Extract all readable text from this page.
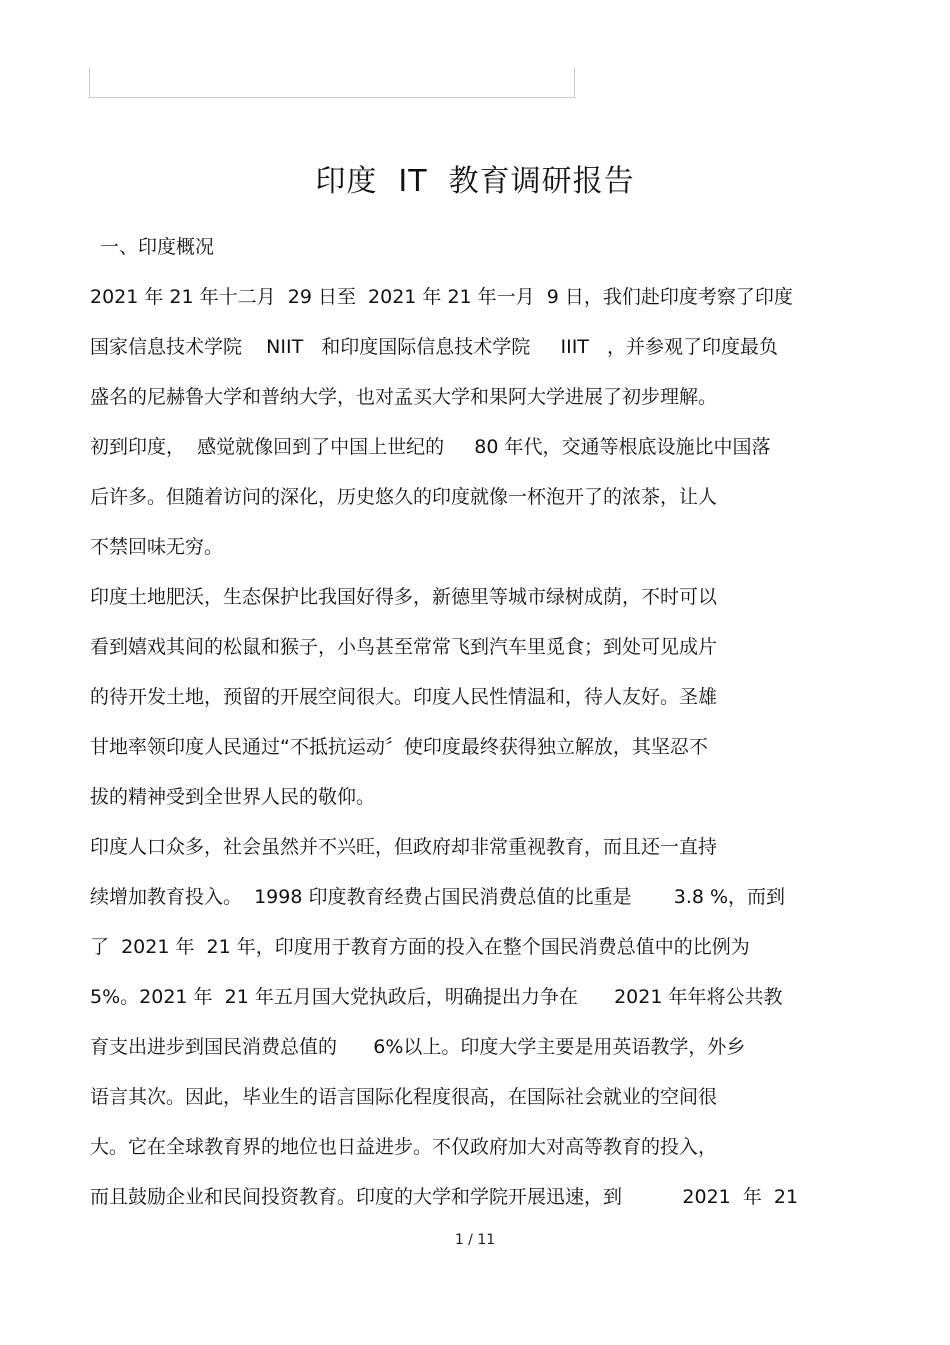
印度  IT  教育调研报告
一、印度概况
2021 年 21 年十二月  29 日至  2021 年 21 年一月  9 日，我们赴印度考察了印度
国家信息技术学院    NIIT   和印度国际信息技术学院     IIIT   ，并参观了印度最负
盛名的尼赫鲁大学和普纳大学，也对孟买大学和果阿大学进展了初步理解。
初到印度，  感觉就像回到了中国上世纪的     80 年代，交通等根底设施比中国落
后许多。但随着访问的深化，历史悠久的印度就像一杯泡开了的浓茶，让人
不禁回味无穷。
印度土地肥沃，生态保护比我国好得多，新德里等城市绿树成荫，不时可以
看到嬉戏其间的松鼠和猴子，小鸟甚至常常飞到汽车里觅食；到处可见成片
的待开发土地，预留的开展空间很大。印度人民性情温和，待人友好。圣雄
甘地率领印度人民通过“不抵抗运动〞使印度最终获得独立解放，其坚忍不
拔的精神受到全世界人民的敬仰。
印度人口众多，社会虽然并不兴旺，但政府却非常重视教育，而且还一直持
续增加教育投入。  1998 印度教育经费占国民消费总值的比重是       3.8 %，而到
了  2021 年  21 年，印度用于教育方面的投入在整个国民消费总值中的比例为
5%。2021 年  21 年五月国大党执政后，明确提出力争在      2021 年年将公共教
育支出进步到国民消费总值的      6%以上。印度大学主要是用英语教学，外乡
语言其次。因此，毕业生的语言国际化程度很高，在国际社会就业的空间很
大。它在全球教育界的地位也日益进步。不仅政府加大对高等教育的投入，
而且鼓励企业和民间投资教育。印度的大学和学院开展迅速，到          2021  年  21
1 / 11
